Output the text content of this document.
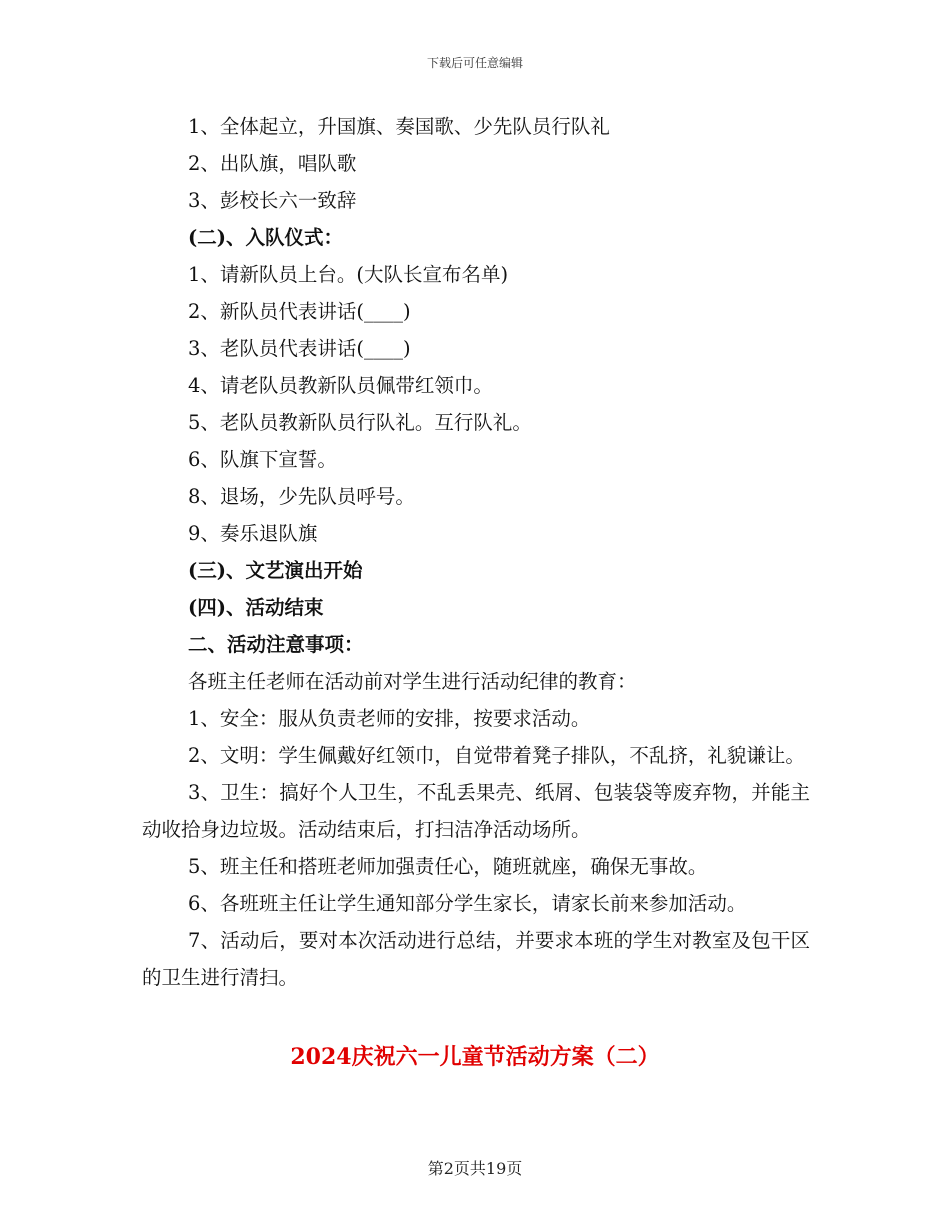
下载后可任意编辑

1、全体起立，升国旗、奏国歌、少先队员行队礼

2、出队旗，唱队歌

3、彭校长六一致辞

(二)、入队仪式：

1、请新队员上台。(大队长宣布名单)

2、新队员代表讲话(____)

3、老队员代表讲话(____)

4、请老队员教新队员佩带红领巾。

5、老队员教新队员行队礼。互行队礼。

6、队旗下宣誓。

8、退场，少先队员呼号。

9、奏乐退队旗

(三)、文艺演出开始

(四)、活动结束

二、活动注意事项：

各班主任老师在活动前对学生进行活动纪律的教育：

1、安全：服从负责老师的安排，按要求活动。

2、文明：学生佩戴好红领巾，自觉带着凳子排队，不乱挤，礼貌谦让。

3、卫生：搞好个人卫生，不乱丢果壳、纸屑、包装袋等废弃物，并能主动收拾身边垃圾。活动结束后，打扫洁净活动场所。

5、班主任和搭班老师加强责任心，随班就座，确保无事故。

6、各班班主任让学生通知部分学生家长，请家长前来参加活动。

7、活动后，要对本次活动进行总结，并要求本班的学生对教室及包干区的卫生进行清扫。

2024庆祝六一儿童节活动方案（二）
第2页共19页
